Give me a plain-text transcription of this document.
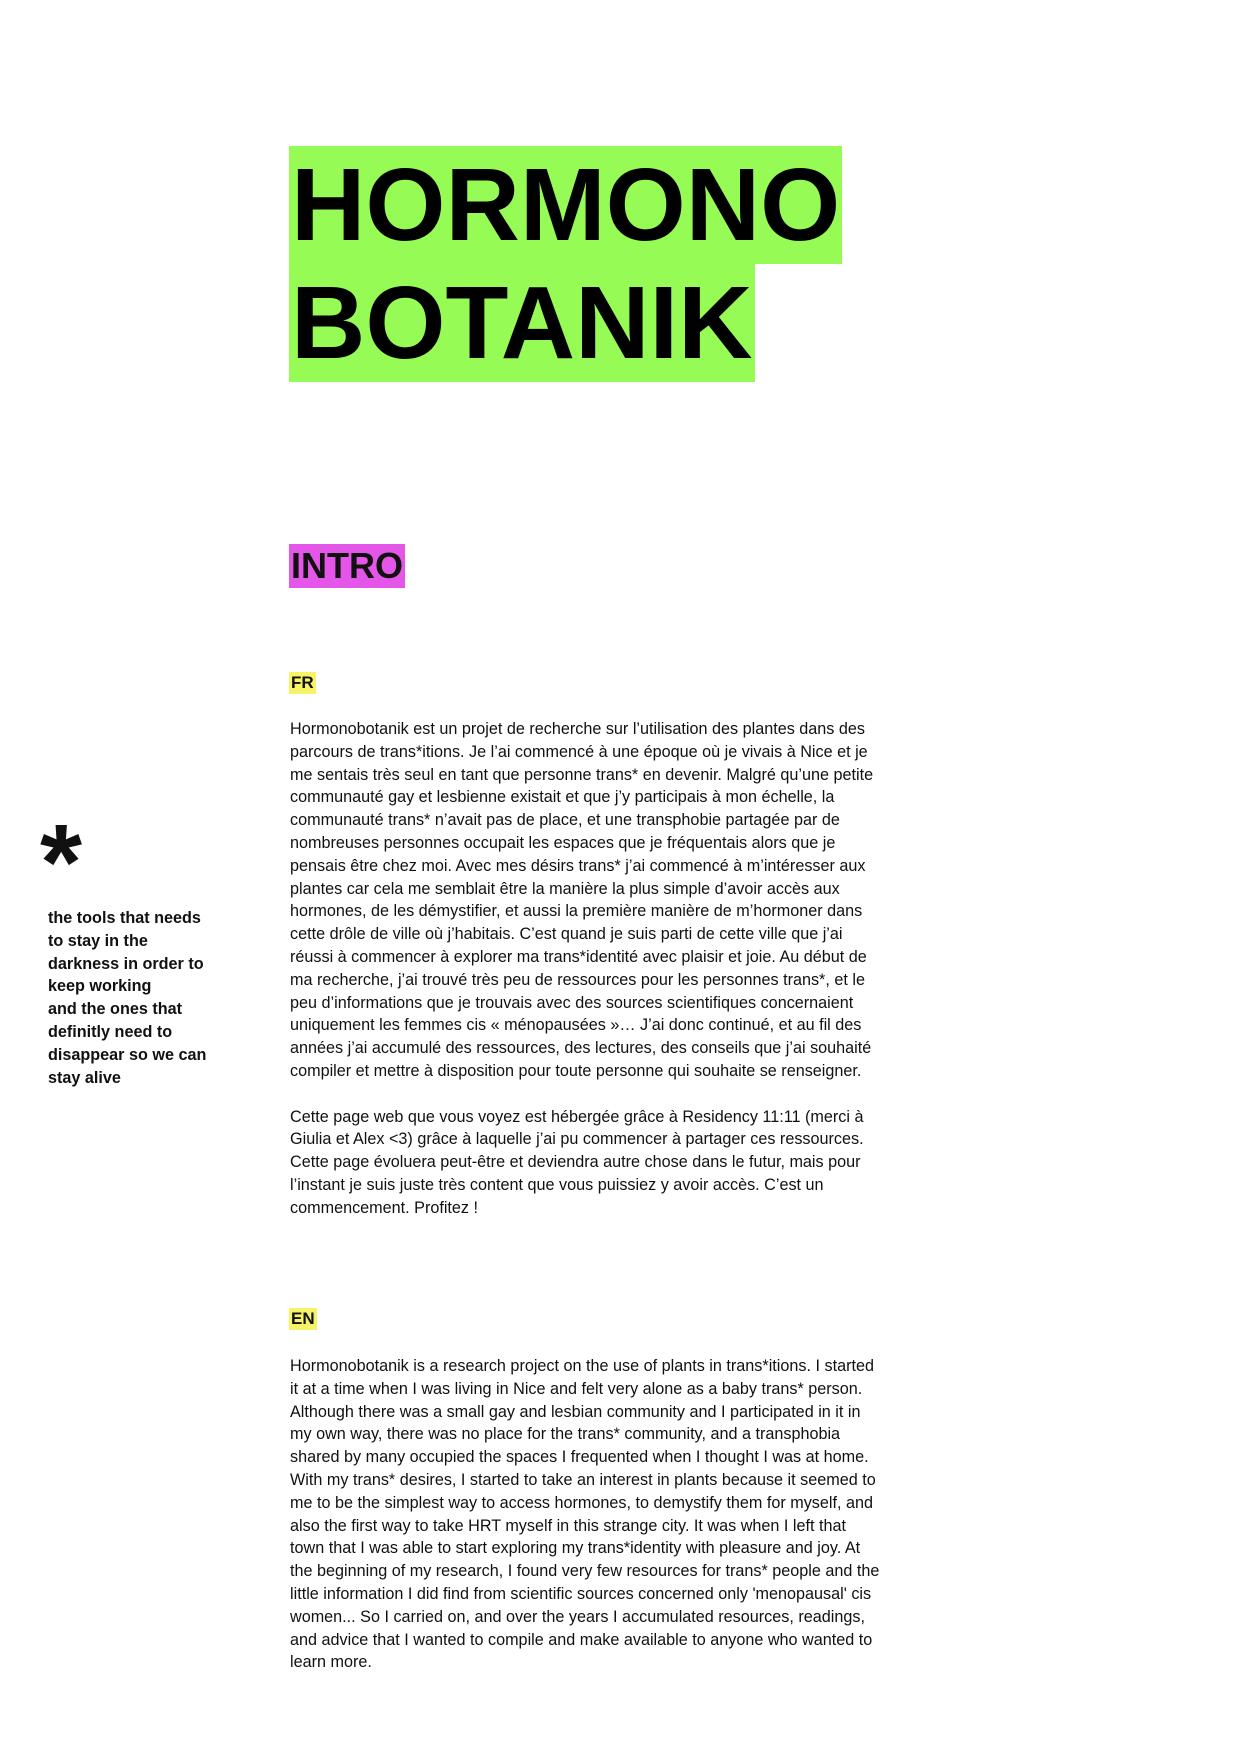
HORMONO
BOTANIK
INTRO
*
the tools that needs
to stay in the
darkness in order to
keep working
and the ones that
definitly need to
disappear so we can
stay alive
FR

Hormonobotanik est un projet de recherche sur l’utilisation des plantes dans des parcours de trans*itions. Je l’ai commencé à une époque où je vivais à Nice et je me sentais très seul en tant que personne trans* en devenir. Malgré qu’une petite communauté gay et lesbienne existait et que j’y participais à mon échelle, la communauté trans* n’avait pas de place, et une transphobie partagée par de nombreuses personnes occupait les espaces que je fréquentais alors que je pensais être chez moi. Avec mes désirs trans* j’ai commencé à m’intéresser aux plantes car cela me semblait être la manière la plus simple d’avoir accès aux hormones, de les démystifier, et aussi la première manière de m’hormoner dans cette drôle de ville où j’habitais. C’est quand je suis parti de cette ville que j’ai réussi à commencer à explorer ma trans*identité avec plaisir et joie. Au début de ma recherche, j’ai trouvé très peu de ressources pour les personnes trans*, et le peu d’informations que je trouvais avec des sources scientifiques concernaient uniquement les femmes cis « ménopausées »… J’ai donc continué, et au fil des années j’ai accumulé des ressources, des lectures, des conseils que j’ai souhaité compiler et mettre à disposition pour toute personne qui souhaite se renseigner.

Cette page web que vous voyez est hébergée grâce à Residency 11:11 (merci à Giulia et Alex <3) grâce à laquelle j’ai pu commencer à partager ces ressources. Cette page évoluera peut-être et deviendra autre chose dans le futur, mais pour l’instant je suis juste très content que vous puissiez y avoir accès. C’est un commencement. Profitez !

EN

Hormonobotanik is a research project on the use of plants in trans*itions. I started it at a time when I was living in Nice and felt very alone as a baby trans* person. Although there was a small gay and lesbian community and I participated in it in my own way, there was no place for the trans* community, and a transphobia shared by many occupied the spaces I frequented when I thought I was at home. With my trans* desires, I started to take an interest in plants because it seemed to me to be the simplest way to access hormones, to demystify them for myself, and also the first way to take HRT myself in this strange city. It was when I left that town that I was able to start exploring my trans*identity with pleasure and joy. At the beginning of my research, I found very few resources for trans* people and the little information I did find from scientific sources concerned only 'menopausal' cis women... So I carried on, and over the years I accumulated resources, readings, and advice that I wanted to compile and make available to anyone who wanted to learn more.
